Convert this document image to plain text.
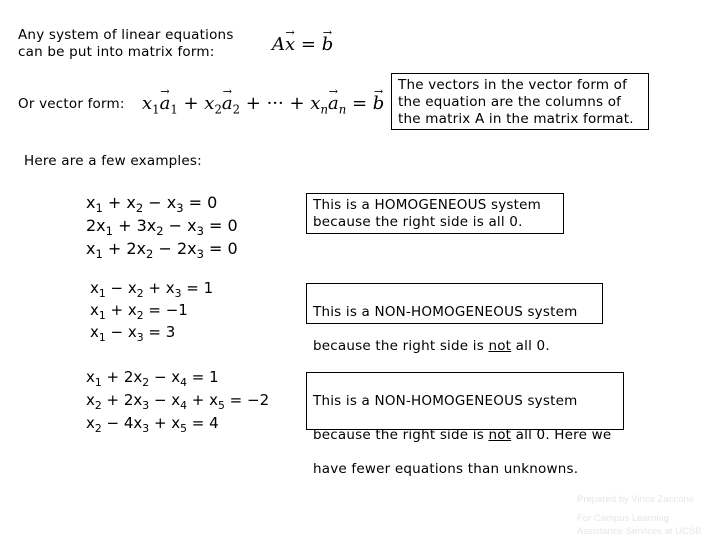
Any system of linear equations
can be put into matrix form:	A→ x = → b
Or vector form: $x_1\to a_1 + x_2\to a_2$ + ··· + $x_n\to a_n$ = → b
The vectors in the vector form of
the equation are the columns of
the matrix A in the matrix format.
Here are a few examples:
$x_1 + x_2 - x_3 = 0$
$2x_1 + 3x_2 - x_3 = 0$
$x_1 + 2x_2 - 2x_3 = 0$
This is a HOMOGENEOUS system
because the right side is all 0.
$x_1 - x_2 + x_3 = 1$
$x_1 + x_2 = -1$
$x_1 - x_3 = 3$

This is a NON-HOMOGENEOUS system

because the right side is not all 0.

$x_1 + 2x_2 - x_4 = 1$
$x_2 + 2x_3 - x_4 + x_5 = -2$
$x_2 - 4x_3 + x_5 = 4$

This is a NON-HOMOGENEOUS system

because the right side is not all 0. Here we

have fewer equations than unknowns.

Prepared by Vince Zaccone
For Campus Learning
Assistance Services at UCSB
